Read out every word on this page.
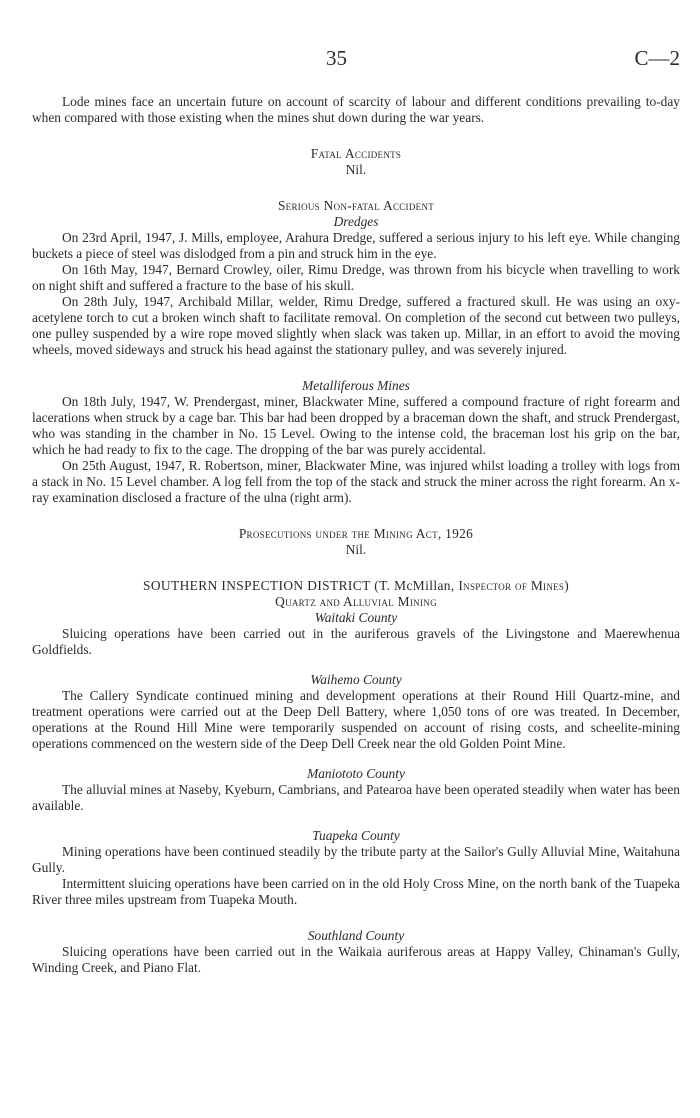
35	C—2

Lode mines face an uncertain future on account of scarcity of labour and different conditions prevailing to-day when compared with those existing when the mines shut down during the war years.

Fatal Accidents
Nil.
Serious Non-fatal Accident
Dredges

On 23rd April, 1947, J. Mills, employee, Arahura Dredge, suffered a serious injury to his left eye. While changing buckets a piece of steel was dislodged from a pin and struck him in the eye.

On 16th May, 1947, Bernard Crowley, oiler, Rimu Dredge, was thrown from his bicycle when travelling to work on night shift and suffered a fracture to the base of his skull.

On 28th July, 1947, Archibald Millar, welder, Rimu Dredge, suffered a fractured skull. He was using an oxy-acetylene torch to cut a broken winch shaft to facilitate removal. On completion of the second cut between two pulleys, one pulley suspended by a wire rope moved slightly when slack was taken up. Millar, in an effort to avoid the moving wheels, moved sideways and struck his head against the stationary pulley, and was severely injured.

Metalliferous Mines

On 18th July, 1947, W. Prendergast, miner, Blackwater Mine, suffered a compound fracture of right forearm and lacerations when struck by a cage bar. This bar had been dropped by a braceman down the shaft, and struck Prendergast, who was standing in the chamber in No. 15 Level. Owing to the intense cold, the braceman lost his grip on the bar, which he had ready to fix to the cage. The dropping of the bar was purely accidental.

On 25th August, 1947, R. Robertson, miner, Blackwater Mine, was injured whilst loading a trolley with logs from a stack in No. 15 Level chamber. A log fell from the top of the stack and struck the miner across the right forearm. An x-ray examination disclosed a fracture of the ulna (right arm).

Prosecutions under the Mining Act, 1926
Nil.
SOUTHERN INSPECTION DISTRICT (T. McMillan, Inspector of Mines)
Quartz and Alluvial Mining
Waitaki County

Sluicing operations have been carried out in the auriferous gravels of the Livingstone and Maerewhenua Goldfields.

Waihemo County

The Callery Syndicate continued mining and development operations at their Round Hill Quartz-mine, and treatment operations were carried out at the Deep Dell Battery, where 1,050 tons of ore was treated. In December, operations at the Round Hill Mine were temporarily suspended on account of rising costs, and scheelite-mining operations commenced on the western side of the Deep Dell Creek near the old Golden Point Mine.

Maniototo County

The alluvial mines at Naseby, Kyeburn, Cambrians, and Patearoa have been operated steadily when water has been available.

Tuapeka County

Mining operations have been continued steadily by the tribute party at the Sailor's Gully Alluvial Mine, Waitahuna Gully.

Intermittent sluicing operations have been carried on in the old Holy Cross Mine, on the north bank of the Tuapeka River three miles upstream from Tuapeka Mouth.

Southland County

Sluicing operations have been carried out in the Waikaia auriferous areas at Happy Valley, Chinaman's Gully, Winding Creek, and Piano Flat.
